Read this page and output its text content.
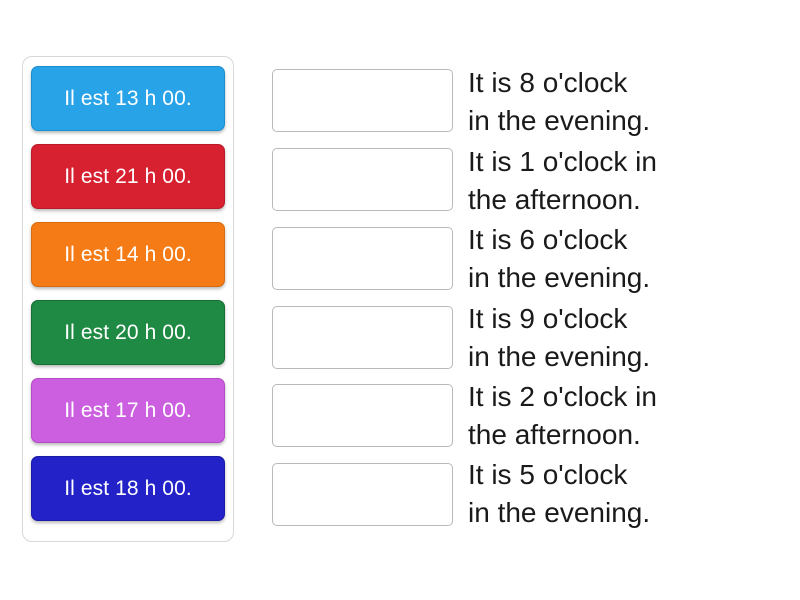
Il est 13 h 00.
Il est 21 h 00.
Il est 14 h 00.
Il est 20 h 00.
Il est 17 h 00.
Il est 18 h 00.
It is 8 o'clock
in the evening.
It is 1 o'clock in
the afternoon.
It is 6 o'clock
in the evening.
It is 9 o'clock
in the evening.
It is 2 o'clock in
the afternoon.
It is 5 o'clock
in the evening.
